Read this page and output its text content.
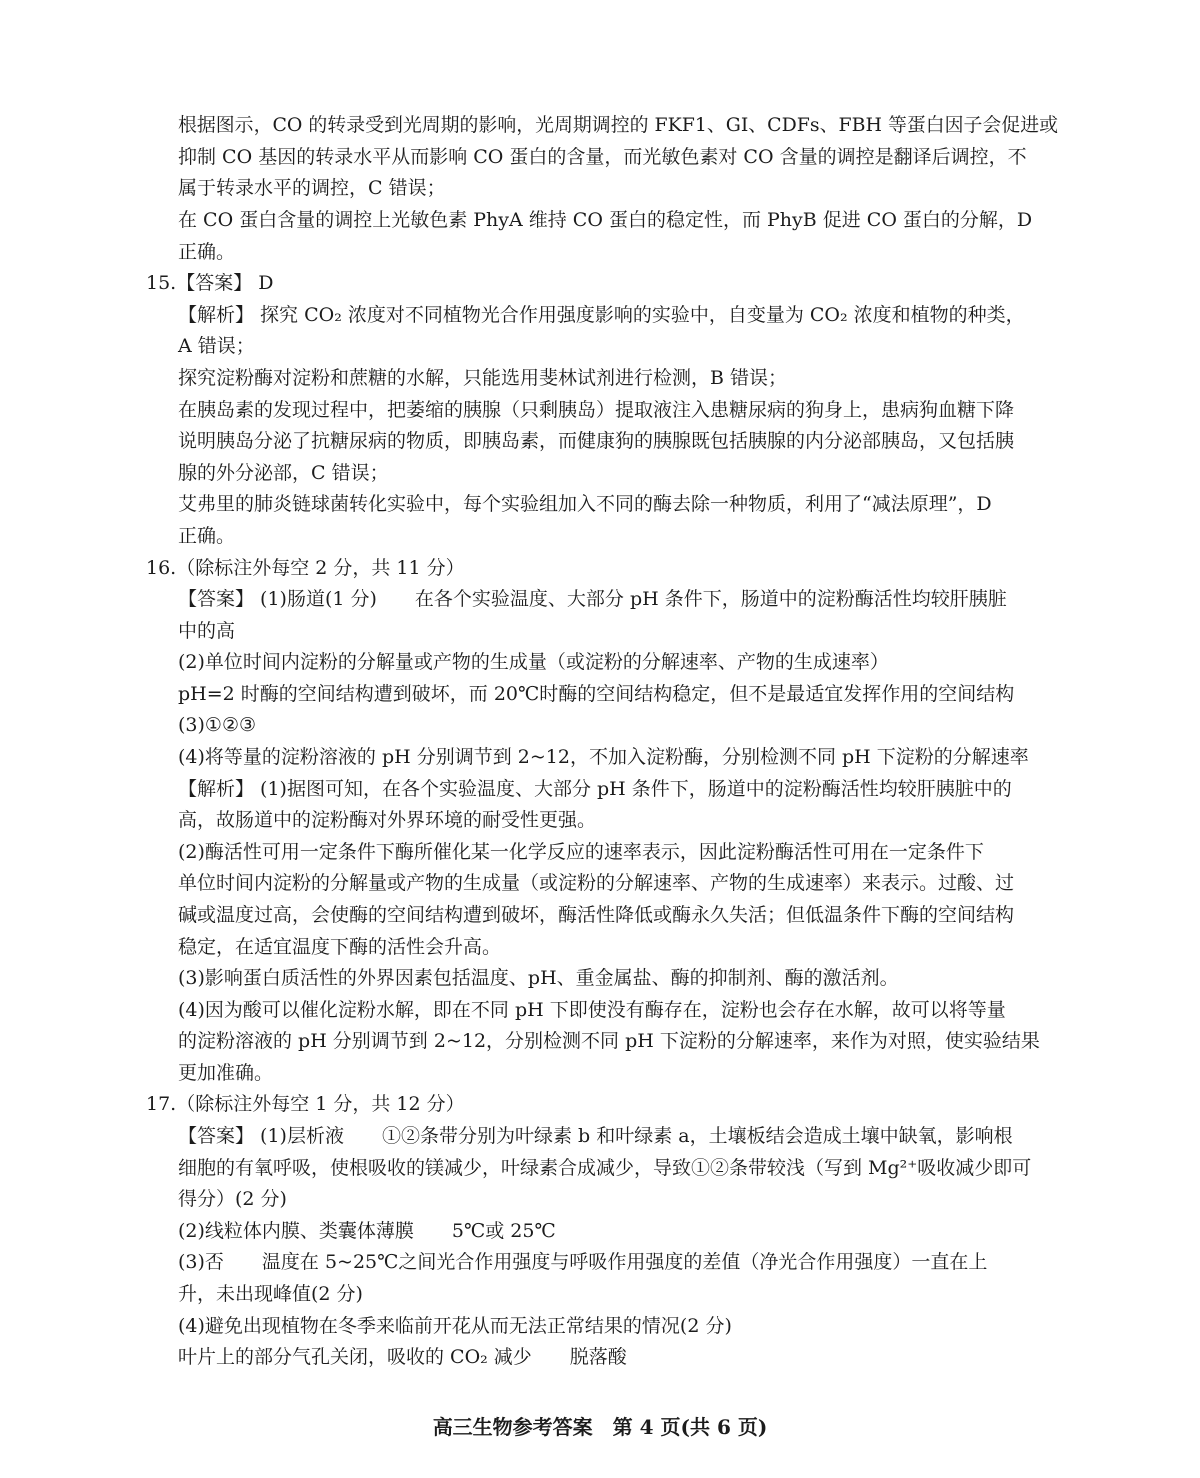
根据图示，CO 的转录受到光周期的影响，光周期调控的 FKF1、GI、CDFs、FBH 等蛋白因子会促进或
抑制 CO 基因的转录水平从而影响 CO 蛋白的含量，而光敏色素对 CO 含量的调控是翻译后调控，不
属于转录水平的调控，C 错误；
在 CO 蛋白含量的调控上光敏色素 PhyA 维持 CO 蛋白的稳定性，而 PhyB 促进 CO 蛋白的分解，D
正确。
15.【答案】 D
【解析】 探究 CO₂ 浓度对不同植物光合作用强度影响的实验中，自变量为 CO₂ 浓度和植物的种类，
A 错误；
探究淀粉酶对淀粉和蔗糖的水解，只能选用斐林试剂进行检测，B 错误；
在胰岛素的发现过程中，把萎缩的胰腺（只剩胰岛）提取液注入患糖尿病的狗身上，患病狗血糖下降
说明胰岛分泌了抗糖尿病的物质，即胰岛素，而健康狗的胰腺既包括胰腺的内分泌部胰岛，又包括胰
腺的外分泌部，C 错误；
艾弗里的肺炎链球菌转化实验中，每个实验组加入不同的酶去除一种物质，利用了“减法原理”，D
正确。
16.（除标注外每空 2 分，共 11 分）
【答案】 (1)肠道(1 分)　　在各个实验温度、大部分 pH 条件下，肠道中的淀粉酶活性均较肝胰脏
中的高
(2)单位时间内淀粉的分解量或产物的生成量（或淀粉的分解速率、产物的生成速率）
pH=2 时酶的空间结构遭到破坏，而 20℃时酶的空间结构稳定，但不是最适宜发挥作用的空间结构
(3)①②③
(4)将等量的淀粉溶液的 pH 分别调节到 2~12，不加入淀粉酶，分别检测不同 pH 下淀粉的分解速率
【解析】 (1)据图可知，在各个实验温度、大部分 pH 条件下，肠道中的淀粉酶活性均较肝胰脏中的
高，故肠道中的淀粉酶对外界环境的耐受性更强。
(2)酶活性可用一定条件下酶所催化某一化学反应的速率表示，因此淀粉酶活性可用在一定条件下
单位时间内淀粉的分解量或产物的生成量（或淀粉的分解速率、产物的生成速率）来表示。过酸、过
碱或温度过高，会使酶的空间结构遭到破坏，酶活性降低或酶永久失活；但低温条件下酶的空间结构
稳定，在适宜温度下酶的活性会升高。
(3)影响蛋白质活性的外界因素包括温度、pH、重金属盐、酶的抑制剂、酶的激活剂。
(4)因为酸可以催化淀粉水解，即在不同 pH 下即使没有酶存在，淀粉也会存在水解，故可以将等量
的淀粉溶液的 pH 分别调节到 2~12，分别检测不同 pH 下淀粉的分解速率，来作为对照，使实验结果
更加准确。
17.（除标注外每空 1 分，共 12 分）
【答案】 (1)层析液　　①②条带分别为叶绿素 b 和叶绿素 a，土壤板结会造成土壤中缺氧，影响根
细胞的有氧呼吸，使根吸收的镁减少，叶绿素合成减少，导致①②条带较浅（写到 Mg²⁺吸收减少即可
得分）(2 分)
(2)线粒体内膜、类囊体薄膜　　5℃或 25℃
(3)否　　温度在 5~25℃之间光合作用强度与呼吸作用强度的差值（净光合作用强度）一直在上
升，未出现峰值(2 分)
(4)避免出现植物在冬季来临前开花从而无法正常结果的情况(2 分)
叶片上的部分气孔关闭，吸收的 CO₂ 减少　　脱落酸
高三生物参考答案　第 4 页(共 6 页)
